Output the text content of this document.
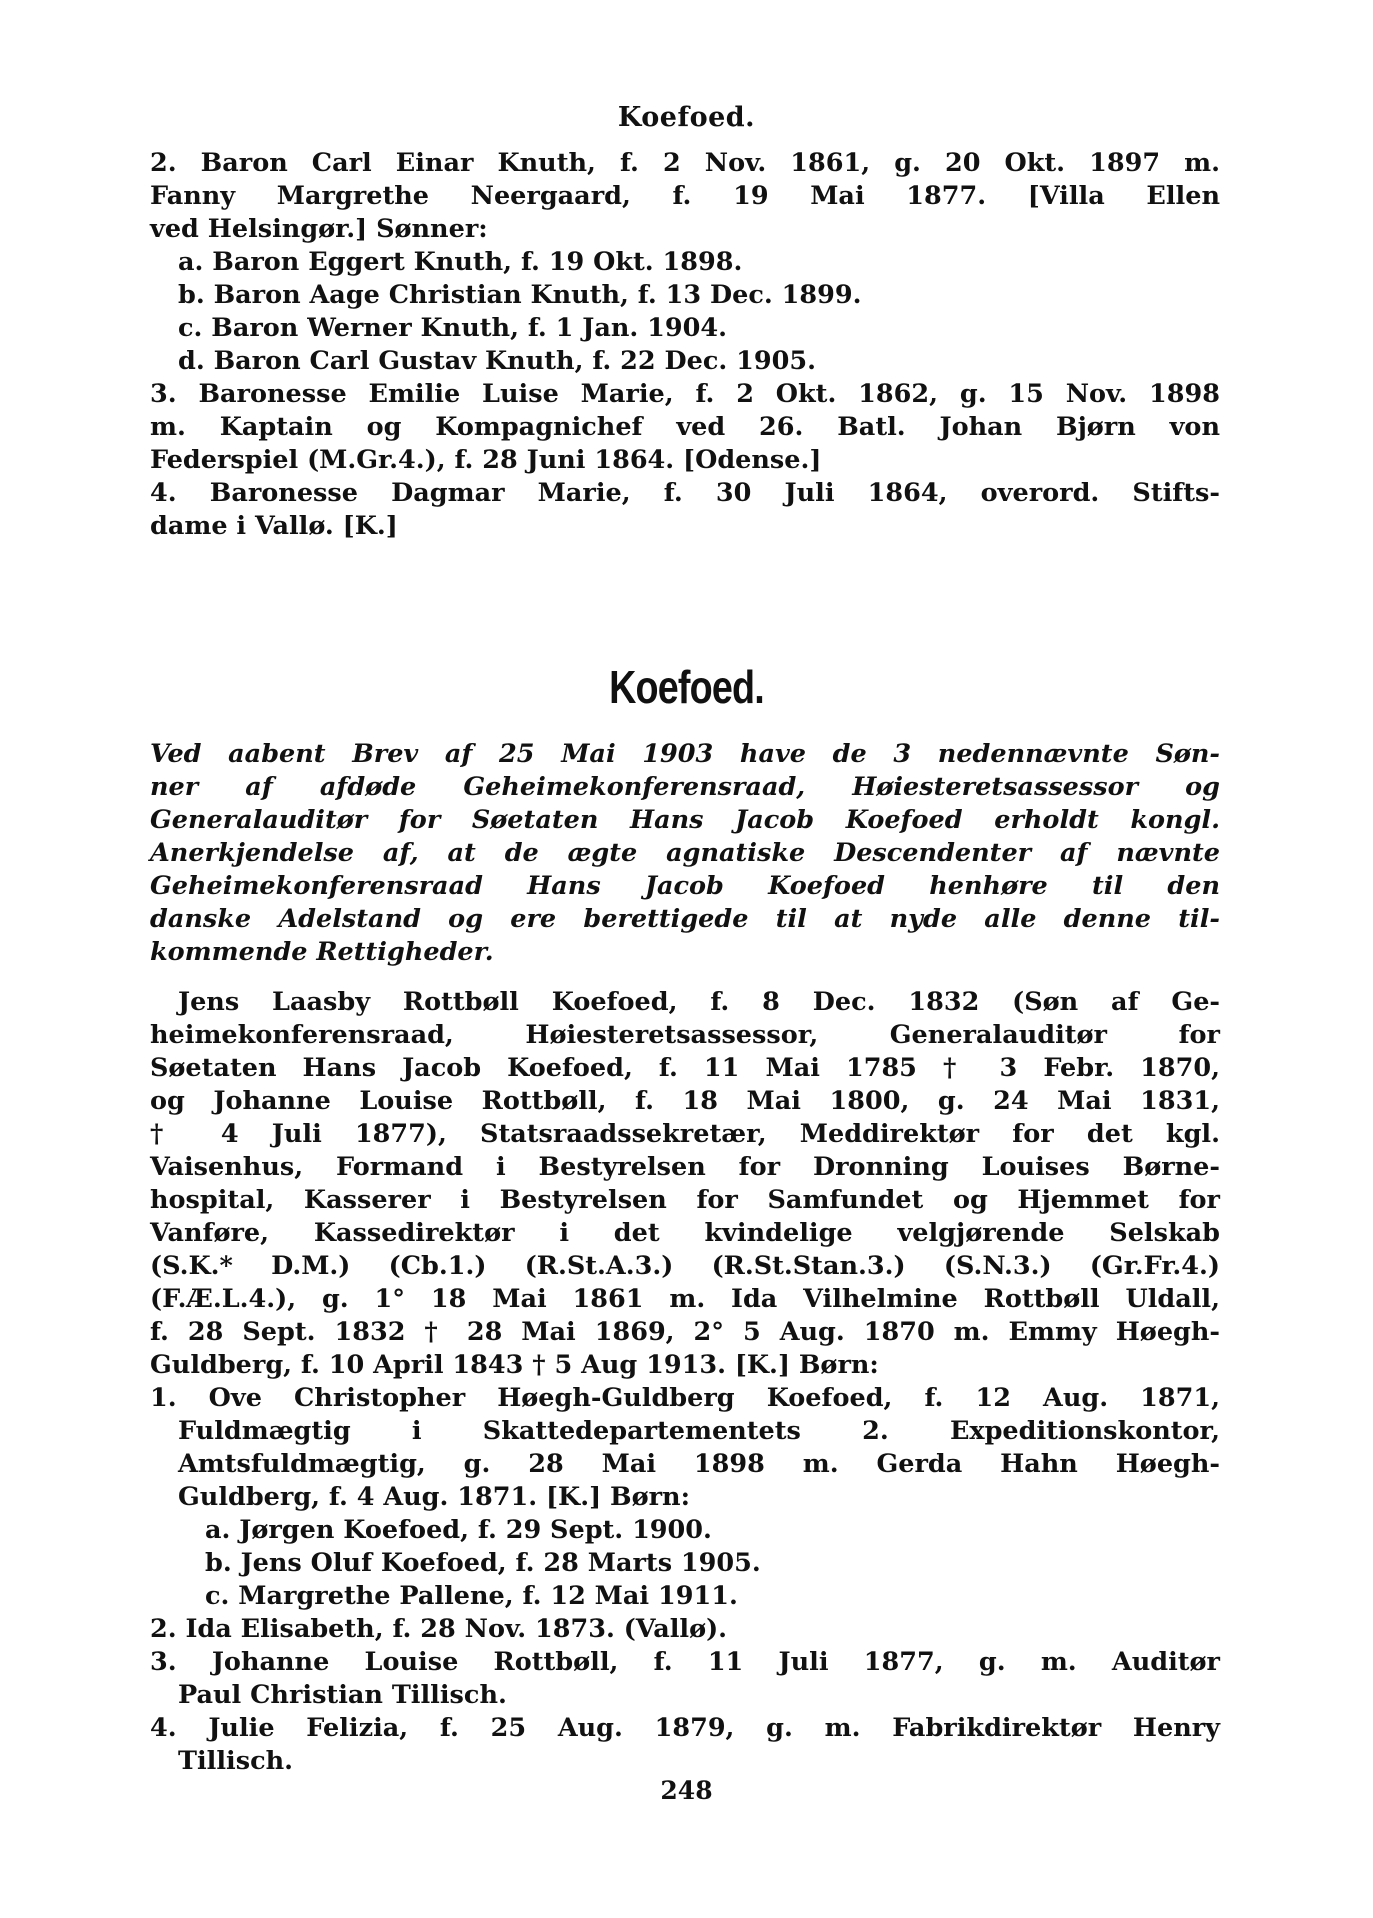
Koefoed.
2. Baron Carl Einar Knuth, f. 2 Nov. 1861, g. 20 Okt. 1897 m.
Fanny Margrethe Neergaard, f. 19 Mai 1877. [Villa Ellen
ved Helsingør.] Sønner:
a. Baron Eggert Knuth, f. 19 Okt. 1898.
b. Baron Aage Christian Knuth, f. 13 Dec. 1899.
c. Baron Werner Knuth, f. 1 Jan. 1904.
d. Baron Carl Gustav Knuth, f. 22 Dec. 1905.
3. Baronesse Emilie Luise Marie, f. 2 Okt. 1862, g. 15 Nov. 1898
m. Kaptain og Kompagnichef ved 26. Batl. Johan Bjørn von
Federspiel (M.Gr.4.), f. 28 Juni 1864. [Odense.]
4. Baronesse Dagmar Marie, f. 30 Juli 1864, overord. Stifts-
dame i Vallø. [K.]
Koefoed.
Ved aabent Brev af 25 Mai 1903 have de 3 nedennævnte Søn-
ner af afdøde Geheimekonferensraad, Høiesteretsassessor og
Generalauditør for Søetaten Hans Jacob Koefoed erholdt kongl.
Anerkjendelse af, at de ægte agnatiske Descendenter af nævnte
Geheimekonferensraad Hans Jacob Koefoed henhøre til den
danske Adelstand og ere berettigede til at nyde alle denne til-
kommende Rettigheder.
Jens Laasby Rottbøll Koefoed, f. 8 Dec. 1832 (Søn af Ge-
heimekonferensraad, Høiesteretsassessor, Generalauditør for
Søetaten Hans Jacob Koefoed, f. 11 Mai 1785 † 3 Febr. 1870,
og Johanne Louise Rottbøll, f. 18 Mai 1800, g. 24 Mai 1831,
† 4 Juli 1877), Statsraadssekretær, Meddirektør for det kgl.
Vaisenhus, Formand i Bestyrelsen for Dronning Louises Børne-
hospital, Kasserer i Bestyrelsen for Samfundet og Hjemmet for
Vanføre, Kassedirektør i det kvindelige velgjørende Selskab
(S.K.* D.M.) (Cb.1.) (R.St.A.3.) (R.St.Stan.3.) (S.N.3.) (Gr.Fr.4.)
(F.Æ.L.4.), g. 1° 18 Mai 1861 m. Ida Vilhelmine Rottbøll Uldall,
f. 28 Sept. 1832 † 28 Mai 1869, 2° 5 Aug. 1870 m. Emmy Høegh-
Guldberg, f. 10 April 1843 † 5 Aug 1913. [K.] Børn:
1. Ove Christopher Høegh-Guldberg Koefoed, f. 12 Aug. 1871,
Fuldmægtig i Skattedepartementets 2. Expeditionskontor,
Amtsfuldmægtig, g. 28 Mai 1898 m. Gerda Hahn Høegh-
Guldberg, f. 4 Aug. 1871. [K.] Børn:
a. Jørgen Koefoed, f. 29 Sept. 1900.
b. Jens Oluf Koefoed, f. 28 Marts 1905.
c. Margrethe Pallene, f. 12 Mai 1911.
2. Ida Elisabeth, f. 28 Nov. 1873. (Vallø).
3. Johanne Louise Rottbøll, f. 11 Juli 1877, g. m. Auditør
Paul Christian Tillisch.
4. Julie Felizia, f. 25 Aug. 1879, g. m. Fabrikdirektør Henry
Tillisch.
248
